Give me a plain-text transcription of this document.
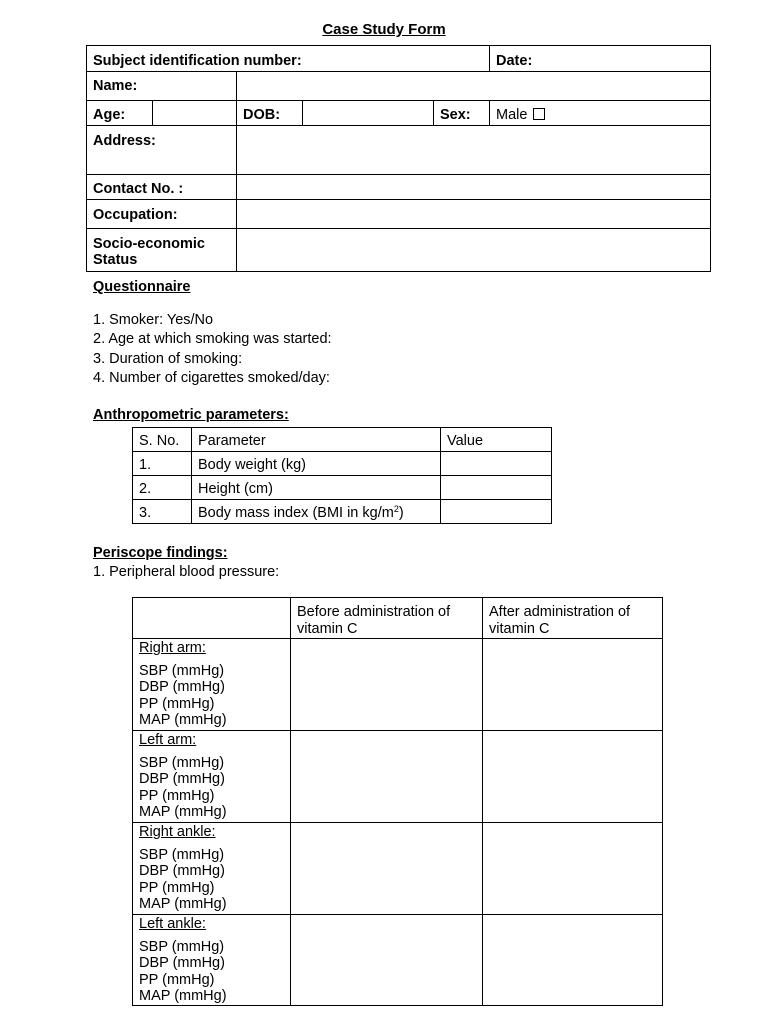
Case Study Form
Subject identification number:					Date:
Name:					
Age:		DOB:		Sex:	Male
Address:					
Contact No. :					
Occupation:					
Socio-economic Status					
Questionnaire
1. Smoker: Yes/No
2. Age at which smoking was started:
3. Duration of smoking:
4. Number of cigarettes smoked/day:
Anthropometric parameters:
S. No.	Parameter	Value
1.	Body weight (kg)	
2.	Height (cm)	
3.	Body mass index (BMI in $kg/m^2$)	
Periscope findings:
1. Peripheral blood pressure:
	Before administration of vitamin C	After administration of vitamin C

Right arm:
SBP (mmHg)
DBP (mmHg)
PP (mmHg)
MAP (mmHg)		

Left arm:
SBP (mmHg)
DBP (mmHg)
PP (mmHg)
MAP (mmHg)		

Right ankle:
SBP (mmHg)
DBP (mmHg)
PP (mmHg)
MAP (mmHg)		

Left ankle:
SBP (mmHg)
DBP (mmHg)
PP (mmHg)
MAP (mmHg)		
